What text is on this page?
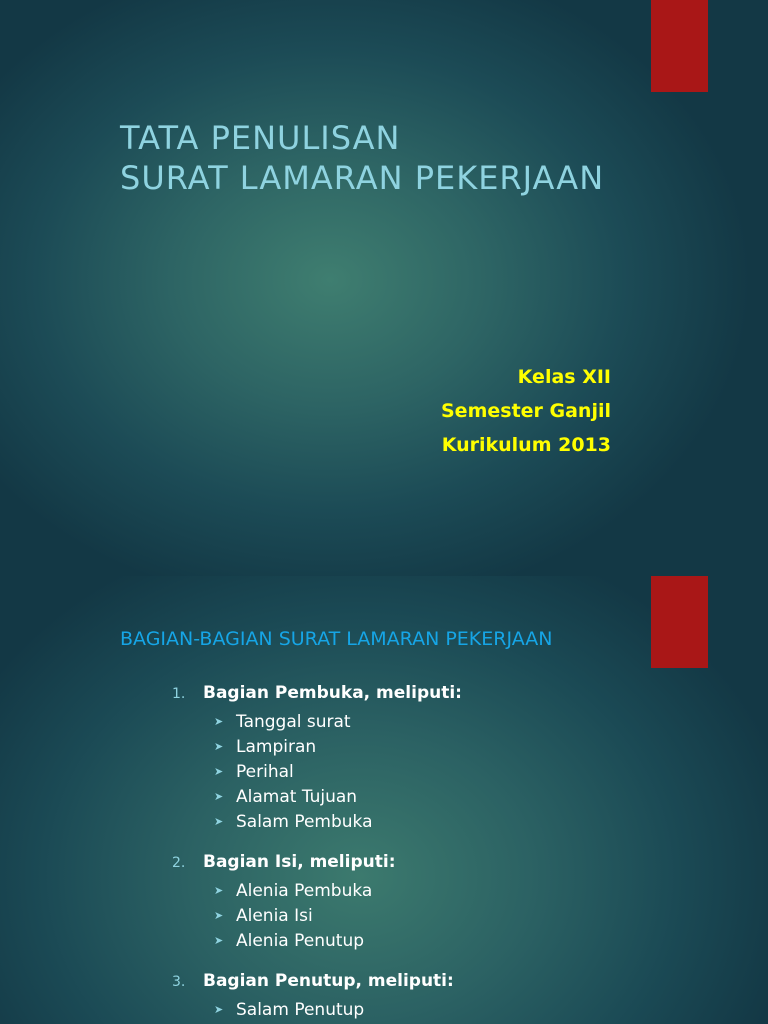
TATA PENULISAN
SURAT LAMARAN PEKERJAAN
Kelas XII
Semester Ganjil
Kurikulum 2013
BAGIAN-BAGIAN SURAT LAMARAN PEKERJAAN
1.	Bagian Pembuka, meliputi:
➤ Tanggal surat
➤ Lampiran
➤ Perihal
➤ Alamat Tujuan
➤ Salam Pembuka
2.	Bagian Isi, meliputi:
➤ Alenia Pembuka
➤ Alenia Isi
➤ Alenia Penutup
3.	Bagian Penutup, meliputi:
➤ Salam Penutup
